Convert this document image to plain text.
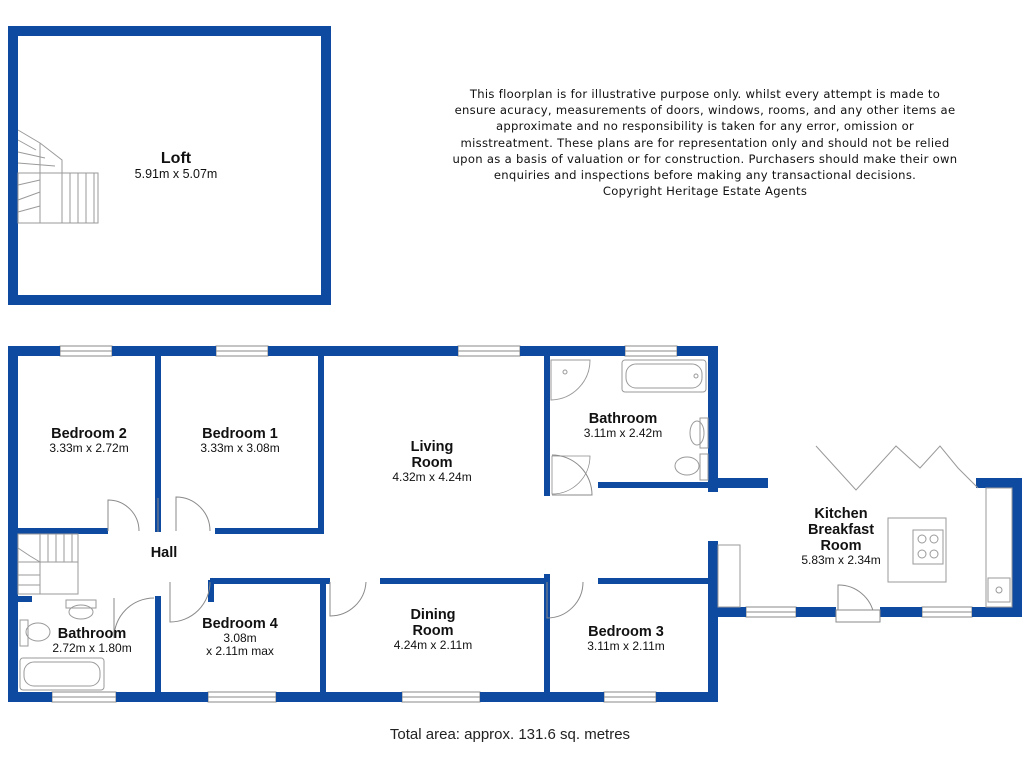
Loft
5.91m x 5.07m
Bedroom 2
3.33m x 2.72m
Bedroom 1
3.33m x 3.08m	Living
Room
4.32m x 4.24m
Bathroom
3.11m x 2.42m
Hall
Kitchen
Breakfast
Room
5.83m x 2.34m
Bathroom
2.72m x 1.80m
Bedroom 4
3.08m
x 2.11m max
Dining
Room
4.24m x 2.11m
Bedroom 3
3.11m x 2.11m
This floorplan is for illustrative purpose only. whilst every attempt is made to
ensure acuracy, measurements of doors, windows, rooms, and any other items ae
approximate and no responsibility is taken for any error, omission or
misstreatment. These plans are for representation only and should not be relied
upon as a basis of valuation or for construction. Purchasers should make their own
enquiries and inspections before making any transactional decisions.
Copyright Heritage Estate Agents
Total area: approx. 131.6 sq. metres
